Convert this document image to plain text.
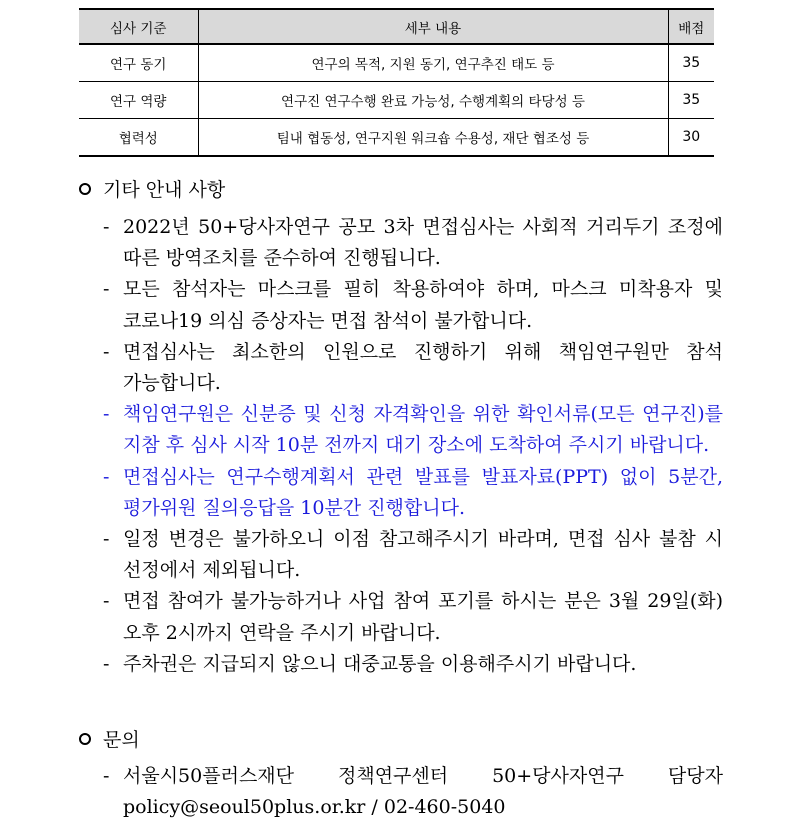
심사 기준	세부 내용	배점
연구 동기	연구의 목적, 지원 동기, 연구추진 태도 등	35
연구 역량	연구진 연구수행 완료 가능성, 수행계획의 타당성 등	35
협력성	팀내 협동성, 연구지원 워크숍 수용성, 재단 협조성 등	30
기타 안내 사항
- 2022년 50+당사자연구 공모 3차 면접심사는 사회적 거리두기 조정에 따른 방역조치를 준수하여 진행됩니다.
- 모든 참석자는 마스크를 필히 착용하여야 하며, 마스크 미착용자 및 코로나19 의심 증상자는 면접 참석이 불가합니다.
- 면접심사는 최소한의 인원으로 진행하기 위해 책임연구원만 참석 가능합니다.
- 책임연구원은 신분증 및 신청 자격확인을 위한 확인서류(모든 연구진)를 지참 후 심사 시작 10분 전까지 대기 장소에 도착하여 주시기 바랍니다.
- 면접심사는 연구수행계획서 관련 발표를 발표자료(PPT) 없이 5분간, 평가위원 질의응답을 10분간 진행합니다.
- 일정 변경은 불가하오니 이점 참고해주시기 바라며, 면접 심사 불참 시 선정에서 제외됩니다.
- 면접 참여가 불가능하거나 사업 참여 포기를 하시는 분은 3월 29일(화) 오후 2시까지 연락을 주시기 바랍니다.
- 주차권은 지급되지 않으니 대중교통을 이용해주시기 바랍니다.
문의
- 서울시50플러스재단 정책연구센터 50+당사자연구 담당자 policy@seoul50plus.or.kr / 02-460-5040
